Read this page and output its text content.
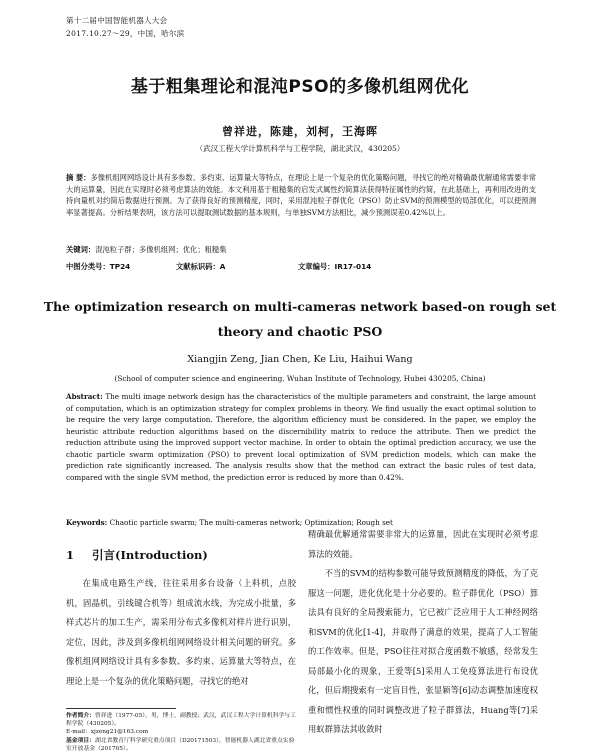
第十二届中国智能机器人大会
2017.10.27～29，中国，哈尔滨
基于粗集理论和混沌PSO的多像机组网优化
曾祥进，陈建，刘柯，王海晖
（武汉工程大学计算机科学与工程学院，湖北武汉，430205）
摘 要：多像机组网网络设计具有多参数、多约束、运算量大等特点，在理论上是一个复杂的优化策略问题，寻找它的绝对精确最优解通常需要非常大的运算量，因此在实现时必须考虑算法的效能。本文利用基于粗糙集的启发式属性约简算法获得特征属性的约简，在此基础上，再利用改进的支持向量机对约简后数据进行预测。为了获得良好的预测精度，同时，采用混沌粒子群优化（PSO）防止SVM的预测模型的局部优化，可以使预测率显著提高。分析结果表明，该方法可以提取测试数据的基本规则，与单独SVM方法相比，减少预测误差0.42%以上。
关键词：混沌粒子群；多像机组网；优化；粗糙集
中图分类号：TP24	文献标识码：A	文章编号：IR17-014
The optimization research on multi-cameras network based-on rough set theory and chaotic PSO
Xiangjin Zeng, Jian Chen, Ke Liu, Haihui Wang
(School of computer science and engineering, Wuhan Institute of Technology, Hubei 430205, China)
Abstract: The multi image network design has the characteristics of the multiple parameters and constraint, the large amount of computation, which is an optimization strategy for complex problems in theory. We find usually the exact optimal solution to be require the very large computation. Therefore, the algorithm efficiency must be considered. In the paper, we employ the heuristic attribute reduction algorithms based on the discernibility matrix to reduce the attribute. Then we predict the reduction attribute using the improved support vector machine. In order to obtain the optimal prediction accuracy, we use the chaotic particle swarm optimization (PSO) to prevent local optimization of SVM prediction models, which can make the prediction rate significantly increased. The analysis results show that the method can extract the basic rules of test data, compared with the single SVM method, the prediction error is reduced by more than 0.42%.
Keywords: Chaotic particle swarm; The multi-cameras network; Optimization; Rough set
1 引言(Introduction)

在集成电路生产线，往往采用多台设备（上料机，点胶机，固晶机，引线键合机等）组成流水线，为完成小批量，多样式芯片的加工生产，需采用分布式多像机对样片进行识别，定位，因此，涉及到多像机组网网络设计相关问题的研究。多像机组网网络设计具有多参数、多约束、运算量大等特点，在理论上是一个复杂的优化策略问题，寻找它的绝对

精确最优解通常需要非常大的运算量，因此在实现时必须考虑算法的效能。

不当的SVM的结构参数可能导致预测精度的降低，为了克服这一问题，进化优化是十分必要的。粒子群优化（PSO）算法具有良好的全局搜索能力，它已被广泛应用于人工神经网络和SVM的优化[1-4]，并取得了满意的效果，提高了人工智能的工作效率。但是，PSO往往对拟合度函数不敏感，经常发生局部最小化的现象，王爱等[5]采用人工免疫算法进行布设优化，但后期搜索有一定盲目性，张显颖等[6]动态调整加速度权重和惯性权重的同时调整改进了粒子群算法，Huang等[7]采用蚁群算法其收敛时

作者简介：曾祥进（1977-05），男，博士，副教授；武汉，武汉工程大学计算机科学与工程学院（430205）。
E-mail：xjzeng21@163.com
基金项目：湖北省教育厅科学研究重点项目（D20171503），智能机器人湖北省重点实验室开放基金（201705）。
